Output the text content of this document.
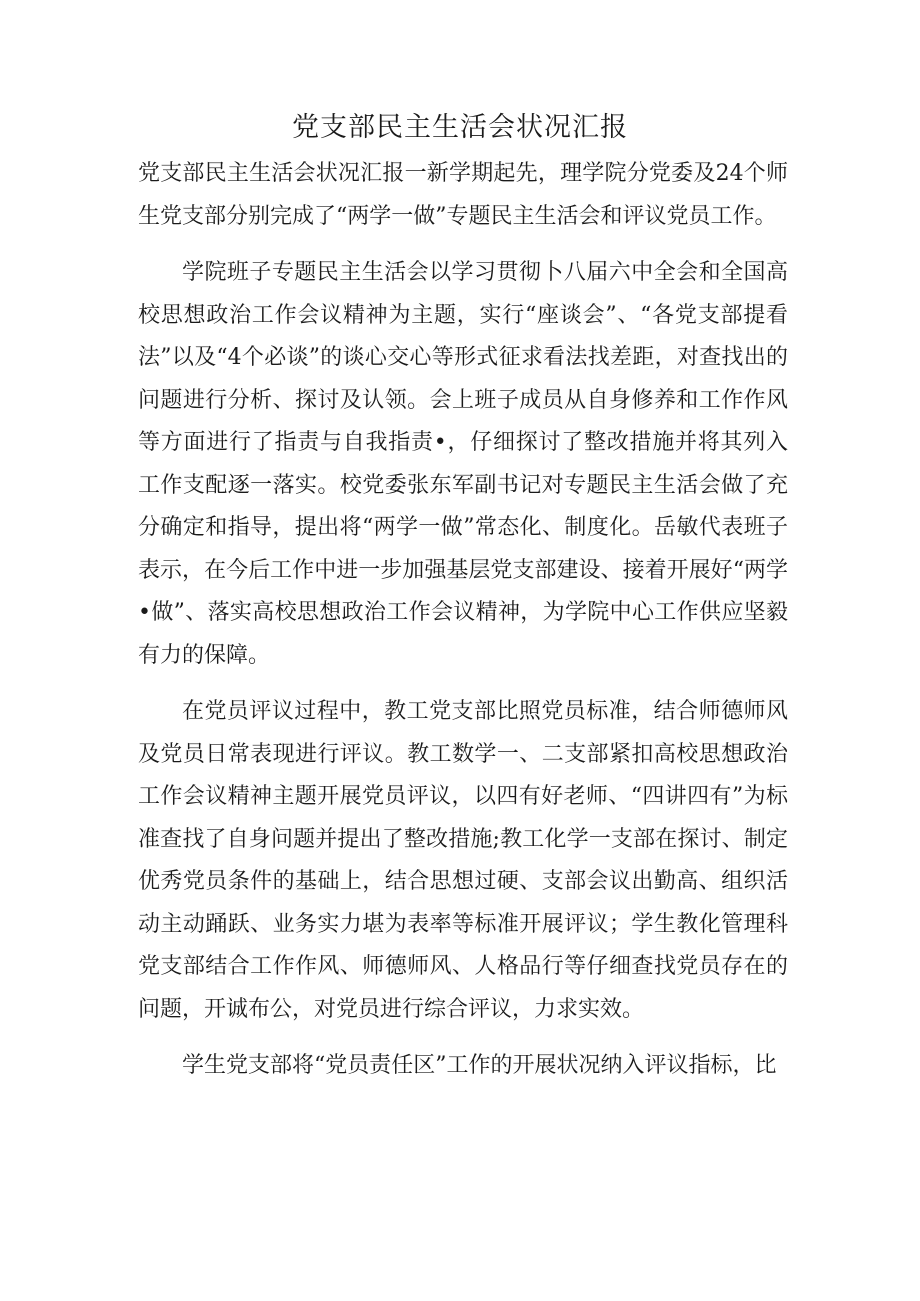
党支部民主生活会状况汇报

党支部民主生活会状况汇报一新学期起先，理学院分党委及24个师生党支部分别完成了“两学一做”专题民主生活会和评议党员工作。

学院班子专题民主生活会以学习贯彻卜八届六中全会和全国高校思想政治工作会议精神为主题，实行“座谈会”、“各党支部提看法”以及“4个必谈”的谈心交心等形式征求看法找差距，对查找出的问题进行分析、探讨及认领。会上班子成员从自身修养和工作作风等方面进行了指责与自我指责•，仔细探讨了整改措施并将其列入工作支配逐一落实。校党委张东军副书记对专题民主生活会做了充分确定和指导，提出将“两学一做”常态化、制度化。岳敏代表班子表示，在今后工作中进一步加强基层党支部建设、接着开展好“两学•做”、落实高校思想政治工作会议精神，为学院中心工作供应坚毅有力的保障。

在党员评议过程中，教工党支部比照党员标准，结合师德师风及党员日常表现进行评议。教工数学一、二支部紧扣高校思想政治工作会议精神主题开展党员评议，以四有好老师、“四讲四有”为标准查找了自身问题并提出了整改措施;教工化学一支部在探讨、制定优秀党员条件的基础上，结合思想过硬、支部会议出勤高、组织活动主动踊跃、业务实力堪为表率等标准开展评议；学生教化管理科党支部结合工作作风、师德师风、人格品行等仔细查找党员存在的问题，开诚布公，对党员进行综合评议，力求实效。

学生党支部将“党员责任区”工作的开展状况纳入评议指标，比
